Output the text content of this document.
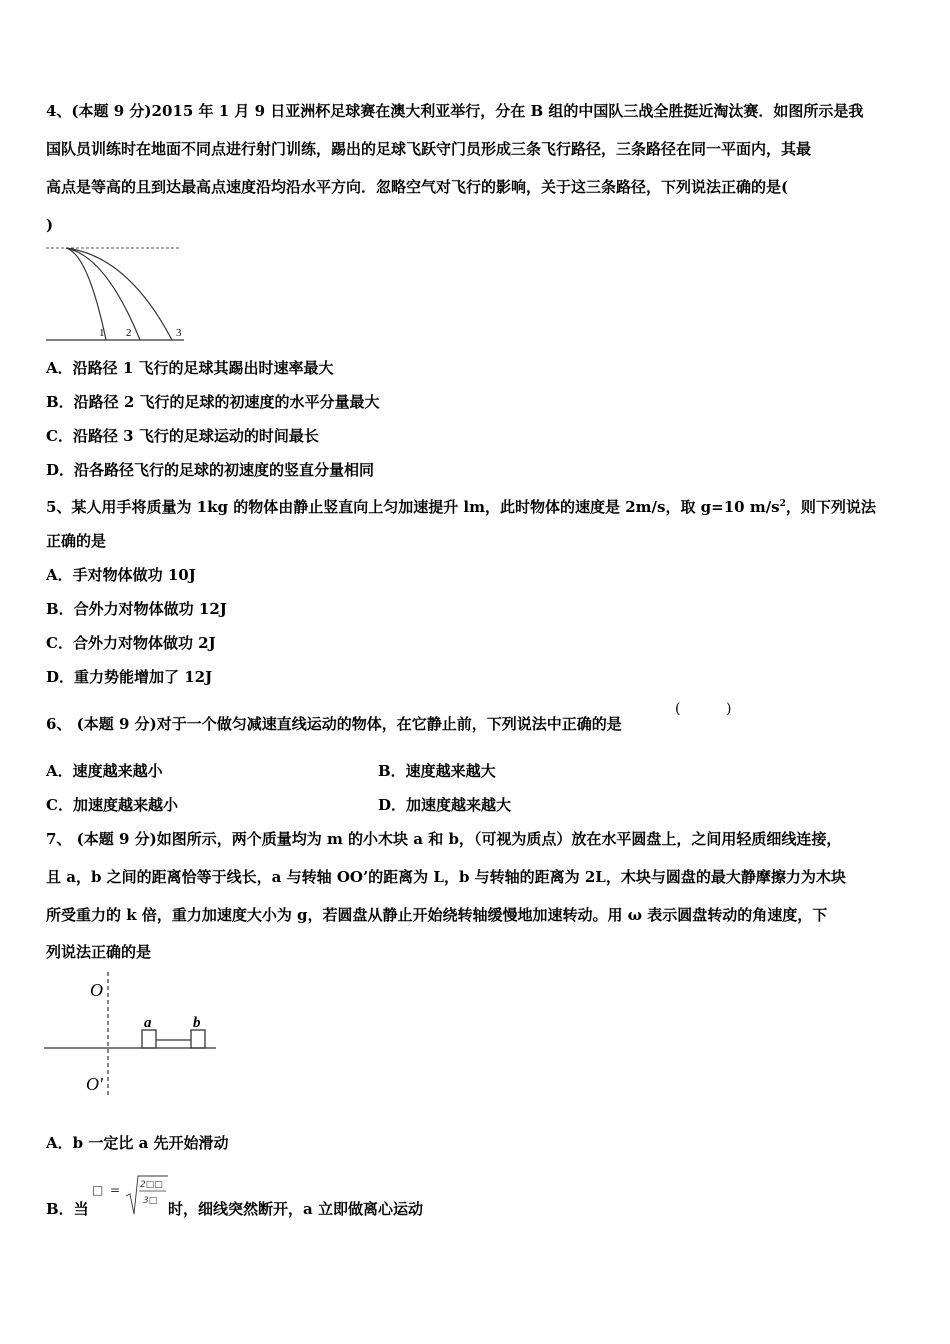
4、(本题 9 分)2015 年 1 月 9 日亚洲杯足球赛在澳大利亚举行，分在 B 组的中国队三战全胜挺近淘汰赛．如图所示是我
国队员训练时在地面不同点进行射门训练，踢出的足球飞跃守门员形成三条飞行路径，三条路径在同一平面内，其最
高点是等高的且到达最高点速度沿均沿水平方向．忽略空气对飞行的影响，关于这三条路径，下列说法正确的是(
)
1 2	3
A．沿路径 1 飞行的足球其踢出时速率最大
B．沿路径 2 飞行的足球的初速度的水平分量最大
C．沿路径 3 飞行的足球运动的时间最长
D．沿各路径飞行的足球的初速度的竖直分量相同
5、某人用手将质量为 1kg 的物体由静止竖直向上匀加速提升 lm，此时物体的速度是 2m/s，取 g=10 $m/s^2$，则下列说法
正确的是
A．手对物体做功 10J
B．合外力对物体做功 12J
C．合外力对物体做功 2J
D．重力势能增加了 12J
6、 (本题 9 分)对于一个做匀减速直线运动的物体，在它静止前，下列说法中正确的是
(	)
A．速度越来越小	B．速度越来越大
C．加速度越来越小	D．加速度越来越大
7、 (本题 9 分)如图所示，两个质量均为 m 的小木块 a 和 b，（可视为质点）放在水平圆盘上，之间用轻质细线连接，
且 a，b 之间的距离恰等于线长，a 与转轴 OO’的距离为 L，b 与转轴的距离为 2L，木块与圆盘的最大静摩擦力为木块
所受重力的 k 倍，重力加速度大小为 g，若圆盘从静止开始绕转轴缓慢地加速转动。用 ω 表示圆盘转动的角速度，下
列说法正确的是
O
O′
a	b
A．b 一定比 a 先开始滑动
B．当
□ = 2□□
3□ 时，细线突然断开，a 立即做离心运动
